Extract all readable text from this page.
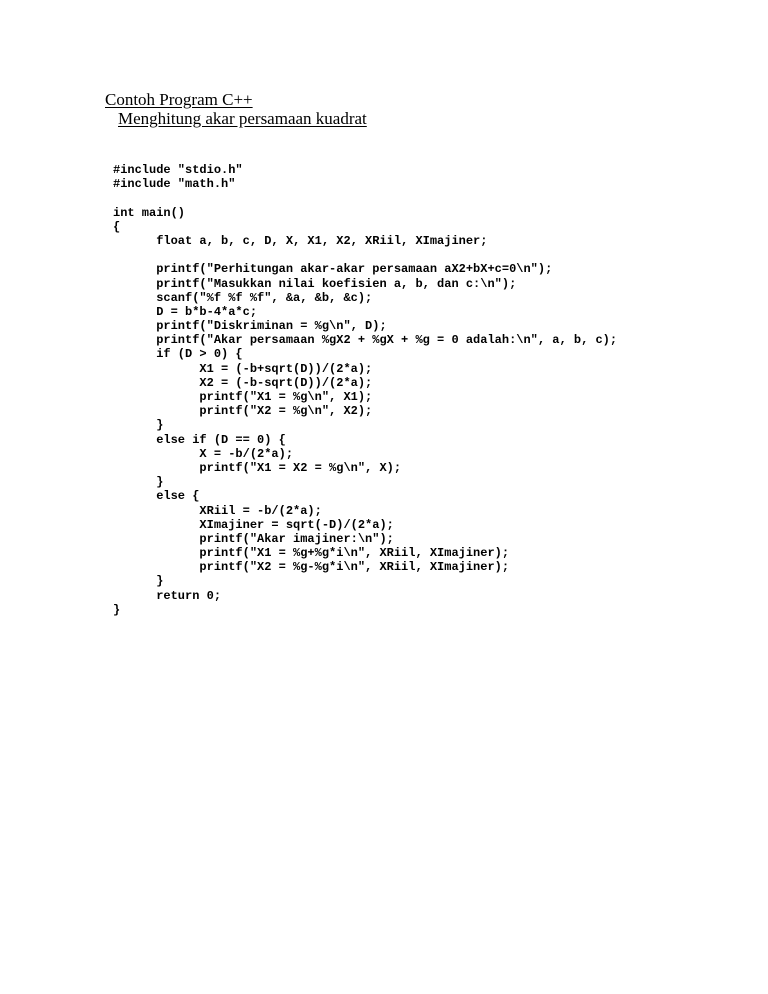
Contoh Program C++
Menghitung akar persamaan kuadrat
#include "stdio.h"
#include "math.h"
int main()
{
float a, b, c, D, X, X1, X2, XRiil, XImajiner;
printf("Perhitungan akar-akar persamaan aX2+bX+c=0\n");
printf("Masukkan nilai koefisien a, b, dan c:\n");
scanf("%f %f %f", &a, &b, &c);
D = b*b-4*a*c;
printf("Diskriminan = %g\n", D);
printf("Akar persamaan %gX2 + %gX + %g = 0 adalah:\n", a, b, c);
if (D > 0) {
X1 = (-b+sqrt(D))/(2*a);
X2 = (-b-sqrt(D))/(2*a);
printf("X1 = %g\n", X1);
printf("X2 = %g\n", X2);
}
else if (D == 0) {
X = -b/(2*a);
printf("X1 = X2 = %g\n", X);
}
else {
XRiil = -b/(2*a);
XImajiner = sqrt(-D)/(2*a);
printf("Akar imajiner:\n");
printf("X1 = %g+%g*i\n", XRiil, XImajiner);
printf("X2 = %g-%g*i\n", XRiil, XImajiner);
}
return 0;
}
